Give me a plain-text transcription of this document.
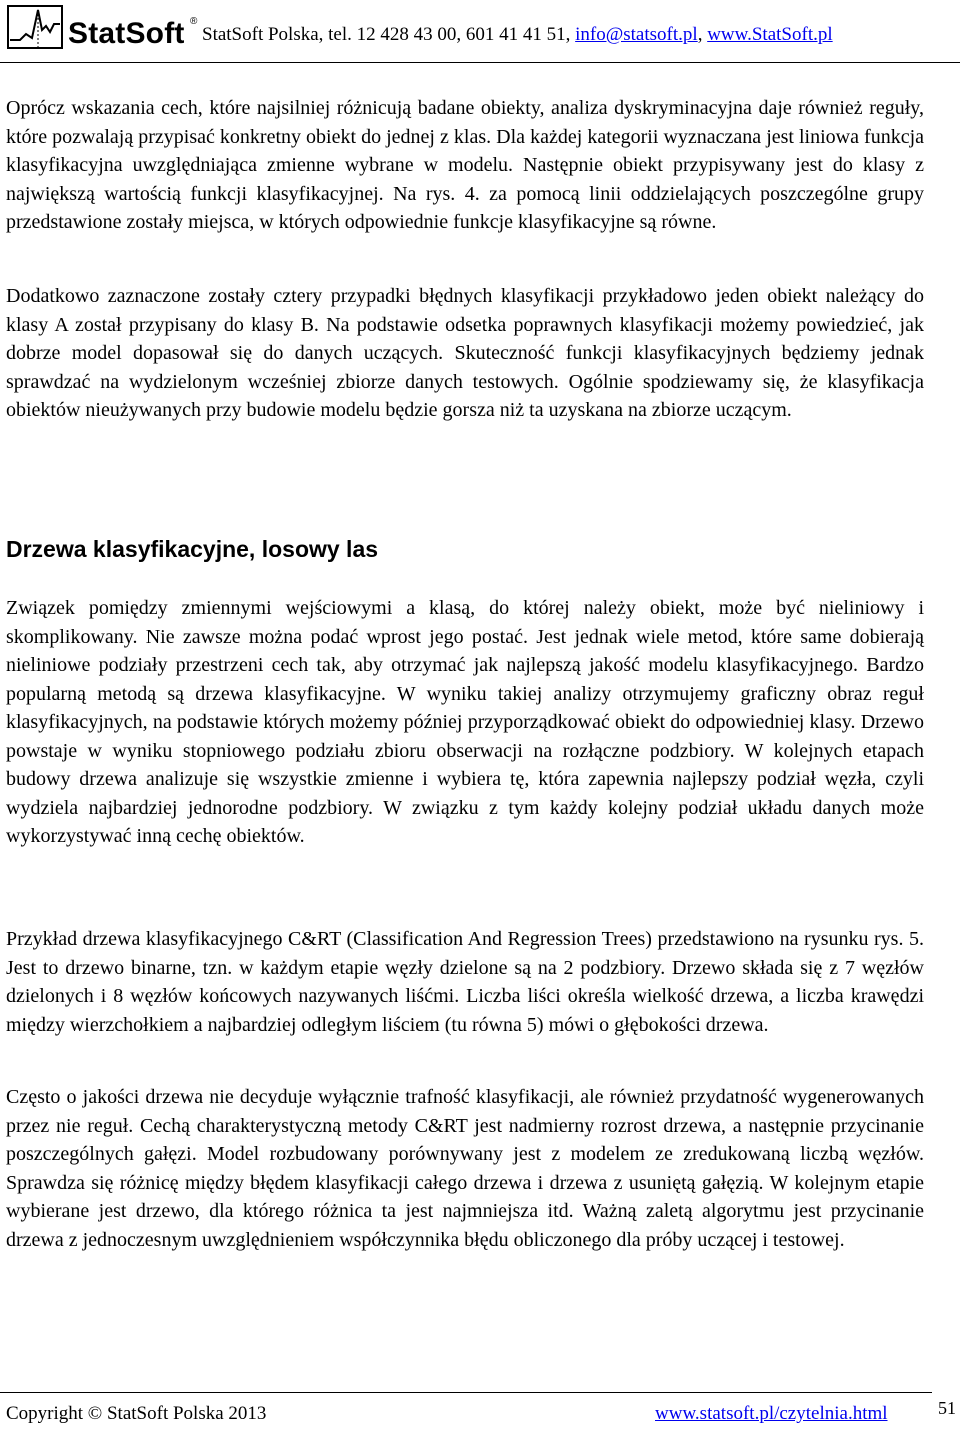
StatSoft ®
StatSoft Polska, tel. 12 428 43 00, 601 41 41 51, info@statsoft.pl, www.StatSoft.pl

Oprócz wskazania cech, które najsilniej różnicują badane obiekty, analiza dyskryminacyjna daje również reguły, które pozwalają przypisać konkretny obiekt do jednej z klas. Dla każdej kategorii wyznaczana jest liniowa funkcja klasyfikacyjna uwzględniająca zmienne wybrane w modelu. Następnie obiekt przypisywany jest do klasy z największą wartością funkcji klasyfikacyjnej. Na rys. 4. za pomocą linii oddzielających poszczególne grupy przedstawione zostały miejsca, w których odpowiednie funkcje klasyfikacyjne są równe.

Dodatkowo zaznaczone zostały cztery przypadki błędnych klasyfikacji przykładowo jeden obiekt należący do klasy A został przypisany do klasy B. Na podstawie odsetka poprawnych klasyfikacji możemy powiedzieć, jak dobrze model dopasował się do danych uczących. Skuteczność funkcji klasyfikacyjnych będziemy jednak sprawdzać na wydzielonym wcześniej zbiorze danych testowych. Ogólnie spodziewamy się, że klasyfikacja obiektów nieużywanych przy budowie modelu będzie gorsza niż ta uzyskana na zbiorze uczącym.

Drzewa klasyfikacyjne, losowy las

Związek pomiędzy zmiennymi wejściowymi a klasą, do której należy obiekt, może być nieliniowy i skomplikowany. Nie zawsze można podać wprost jego postać. Jest jednak wiele metod, które same dobierają nieliniowe podziały przestrzeni cech tak, aby otrzymać jak najlepszą jakość modelu klasyfikacyjnego. Bardzo popularną metodą są drzewa klasyfikacyjne. W wyniku takiej analizy otrzymujemy graficzny obraz reguł klasyfikacyjnych, na podstawie których możemy później przyporządkować obiekt do odpowiedniej klasy. Drzewo powstaje w wyniku stopniowego podziału zbioru obserwacji na rozłączne podzbiory. W kolejnych etapach budowy drzewa analizuje się wszystkie zmienne i wybiera tę, która zapewnia najlepszy podział węzła, czyli wydziela najbardziej jednorodne podzbiory. W związku z tym każdy kolejny podział układu danych może wykorzystywać inną cechę obiektów.

Przykład drzewa klasyfikacyjnego C&RT (Classification And Regression Trees) przedstawiono na rysunku rys. 5. Jest to drzewo binarne, tzn. w każdym etapie węzły dzielone są na 2 podzbiory. Drzewo składa się z 7 węzłów dzielonych i 8 węzłów końcowych nazywanych liśćmi. Liczba liści określa wielkość drzewa, a liczba krawędzi między wierzchołkiem a najbardziej odległym liściem (tu równa 5) mówi o głębokości drzewa.

Często o jakości drzewa nie decyduje wyłącznie trafność klasyfikacji, ale również przydatność wygenerowanych przez nie reguł. Cechą charakterystyczną metody C&RT jest nadmierny rozrost drzewa, a następnie przycinanie poszczególnych gałęzi. Model rozbudowany porównywany jest z modelem ze zredukowaną liczbą węzłów. Sprawdza się różnicę między błędem klasyfikacji całego drzewa i drzewa z usuniętą gałęzią. W kolejnym etapie wybierane jest drzewo, dla którego różnica ta jest najmniejsza itd. Ważną zaletą algorytmu jest przycinanie drzewa z jednoczesnym uwzględnieniem współczynnika błędu obliczonego dla próby uczącej i testowej.

Copyright © StatSoft Polska 2013	www.statsoft.pl/czytelnia.html	51
